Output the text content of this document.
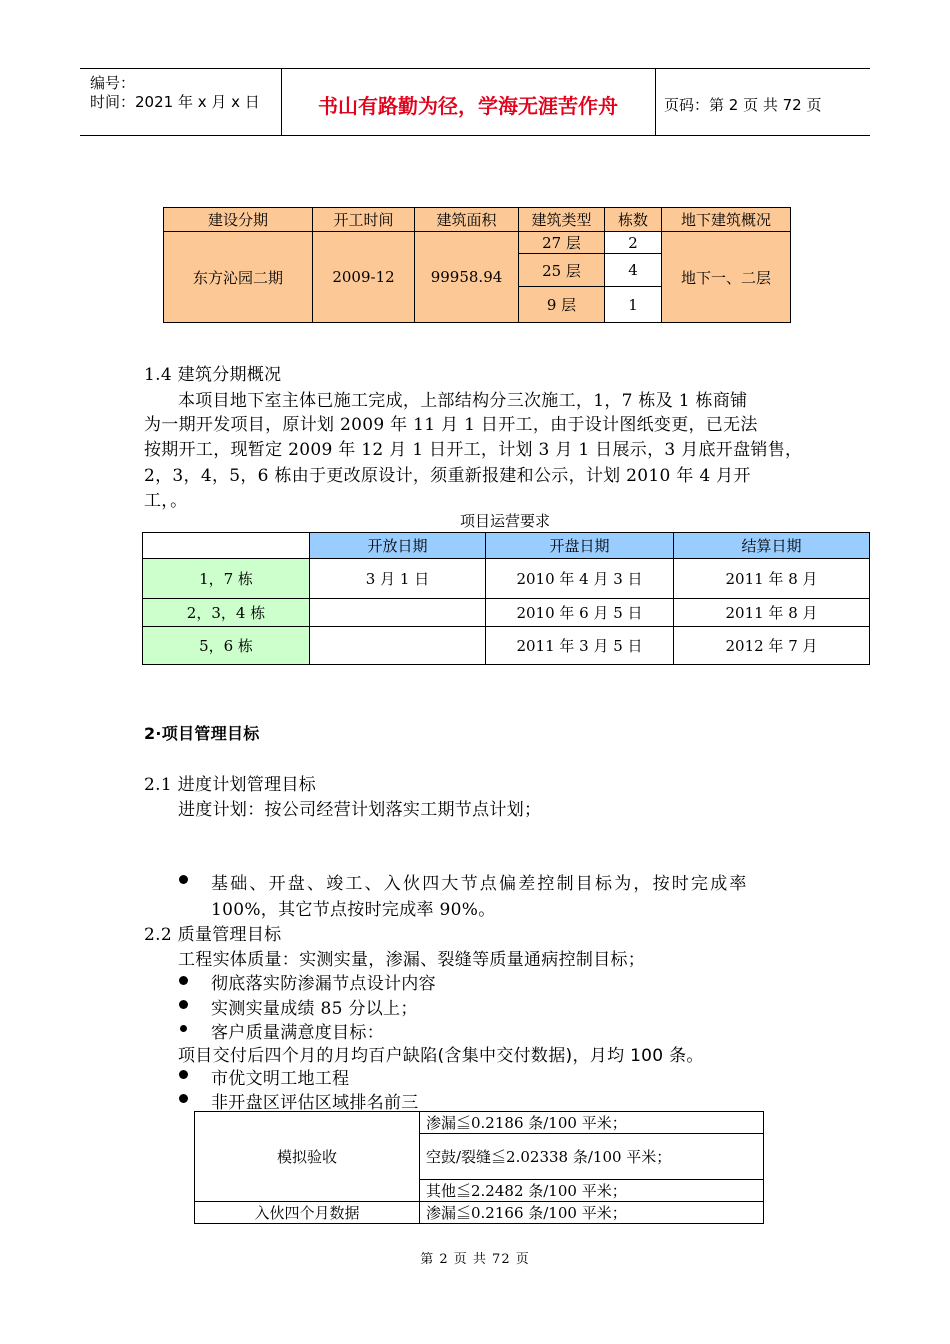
编号：
时间：2021 年 x 月 x 日	书山有路勤为径，学海无涯苦作舟	页码：第 2 页 共 72 页
建设分期	开工时间	建筑面积	建筑类型	栋数	地下建筑概况
东方沁园二期	2009-12	99958.94	27 层	2	地下一、二层
			25 层	4	
			9 层	1	
1.4 建筑分期概况
本项目地下室主体已施工完成，上部结构分三次施工，1，7 栋及 1 栋商铺
为一期开发项目，原计划 2009 年 11 月 1 日开工，由于设计图纸变更，已无法
按期开工，现暂定 2009 年 12 月 1 日开工，计划 3 月 1 日展示，3 月底开盘销售，
2，3，4，5，6 栋由于更改原设计，须重新报建和公示，计划 2010 年 4 月开
工，。
项目运营要求
	开放日期	开盘日期	结算日期
1，7 栋	3 月 1 日	2010 年 4 月 3 日	2011 年 8 月
2，3，4 栋		2010 年 6 月 5 日	2011 年 8 月
5，6 栋		2011 年 3 月 5 日	2012 年 7 月
2·项目管理目标
2.1 进度计划管理目标
进度计划：按公司经营计划落实工期节点计划；
基础、开盘、竣工、入伙四大节点偏差控制目标为，按时完成率
100%，其它节点按时完成率 90%。
2.2 质量管理目标
工程实体质量：实测实量，渗漏、裂缝等质量通病控制目标；
彻底落实防渗漏节点设计内容
实测实量成绩 85 分以上；
客户质量满意度目标：
项目交付后四个月的月均百户缺陷(含集中交付数据)，月均 100 条。
市优文明工地工程
非开盘区评估区域排名前三
模拟验收	渗漏≦0.2186 条/100 平米；
	空鼓/裂缝≦2.02338 条/100 平米；
	其他≦2.2482 条/100 平米；
入伙四个月数据	渗漏≦0.2166 条/100 平米；
第 2 页 共 72 页
